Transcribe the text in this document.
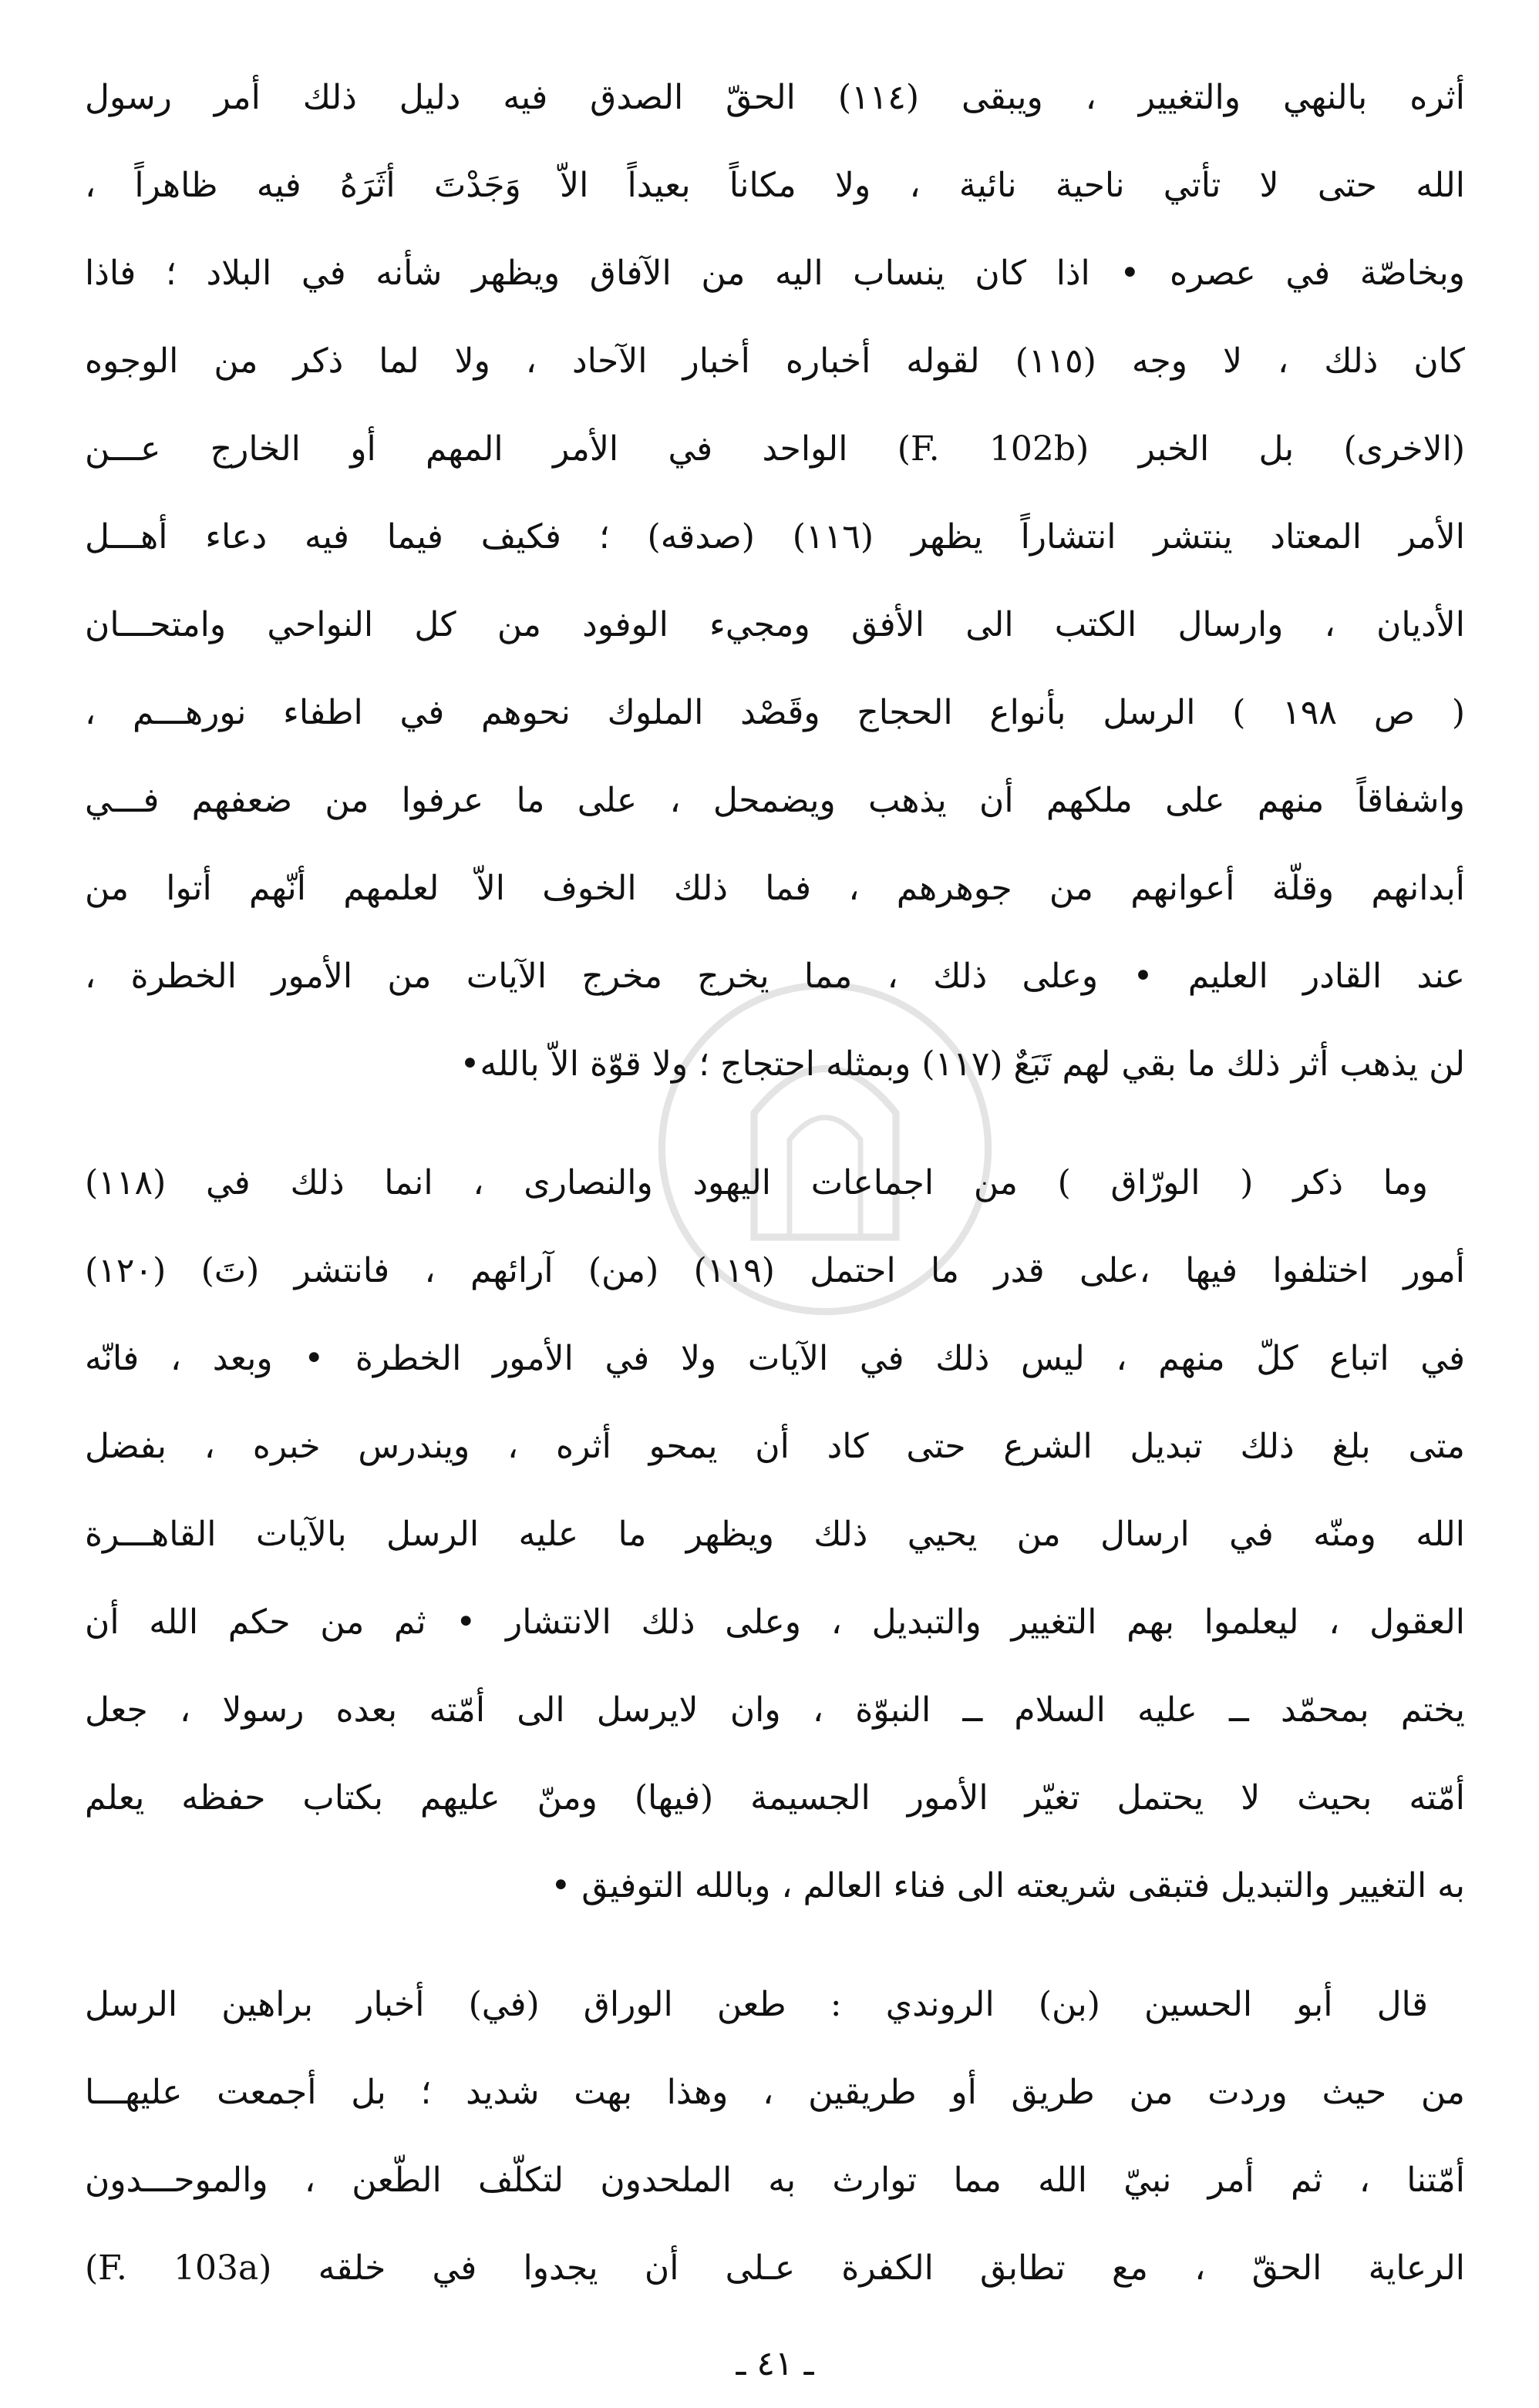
أثره بالنهي والتغيير ، ويبقى (١١٤) الحقّ الصدق فيه دليل ذلك أمر رسول

الله حتى لا تأتي ناحية نائية ، ولا مكاناً بعيداً الاّ وَجَدْتَ أثَرَهُ فيه ظاهراً ،

وبخاصّة في عصره • اذا كان ينساب اليه من الآفاق ويظهر شأنه في البلاد ؛ فاذا

كان ذلك ، لا وجه (١١٥) لقوله أخباره أخبار الآحاد ، ولا لما ذكر من الوجوه

(الاخرى) بل الخبر (F. 102b) الواحد في الأمر المهم أو الخارج عـــن

الأمر المعتاد ينتشر انتشاراً يظهر (١١٦) (صدقه) ؛ فكيف فيما فيه دعاء أهـــل

الأديان ، وارسال الكتب الى الأفق ومجيء الوفود من كل النواحي وامتحـــان

( ص ١٩٨ ) الرسل بأنواع الحجاج وقَصْد الملوك نحوهم في اطفاء نورهـــم ،

واشفاقاً منهم على ملكهم أن يذهب ويضمحل ، على ما عرفوا من ضعفهم فـــي

أبدانهم وقلّة أعوانهم من جوهرهم ، فما ذلك الخوف الاّ لعلمهم أنّهم أتوا من

عند القادر العليم • وعلى ذلك ، مما يخرج مخرج الآيات من الأمور الخطرة ،

لن يذهب أثر ذلك ما بقي لهم تَبَعٌ (١١٧) وبمثله احتجاج ؛ ولا قوّة الاّ بالله•

وما ذكر ( الورّاق ) من اجماعات اليهود والنصارى ، انما ذلك في (١١٨)

أمور اختلفوا فيها ،على قدر ما احتمل (١١٩) (من) آرائهم ، فانتشر (تَ) (١٢٠)

في اتباع كلّ منهم ، ليس ذلك في الآيات ولا في الأمور الخطرة • وبعد ، فانّه

متى بلغ ذلك تبديل الشرع حتى كاد أن يمحو أثره ، ويندرس خبره ، بفضل

الله ومنّه في ارسال من يحيي ذلك ويظهر ما عليه الرسل بالآيات القاهـــرة

العقول ، ليعلموا بهم التغيير والتبديل ، وعلى ذلك الانتشار • ثم من حكم الله أن

يختم بمحمّد ــ عليه السلام ــ النبوّة ، وان لايرسل الى أمّته بعده رسولا ، جعل

أمّته بحيث لا يحتمل تغيّر الأمور الجسيمة (فيها) ومنّ عليهم بكتاب حفظه يعلم

به التغيير والتبديل فتبقى شريعته الى فناء العالم ، وبالله التوفيق •

قال أبو الحسين (بن) الروندي : طعن الوراق (في) أخبار براهين الرسل

من حيث وردت من طريق أو طريقين ، وهذا بهت شديد ؛ بل أجمعت عليهـــا

أمّتنا ، ثم أمر نبيّ الله مما توارث به الملحدون لتكلّف الطّعن ، والموحـــدون

الرعاية الحقّ ، مع تطابق الكفرة عـلى أن يجدوا في خلقه (F. 103a)

ـ ٤١ ـ
